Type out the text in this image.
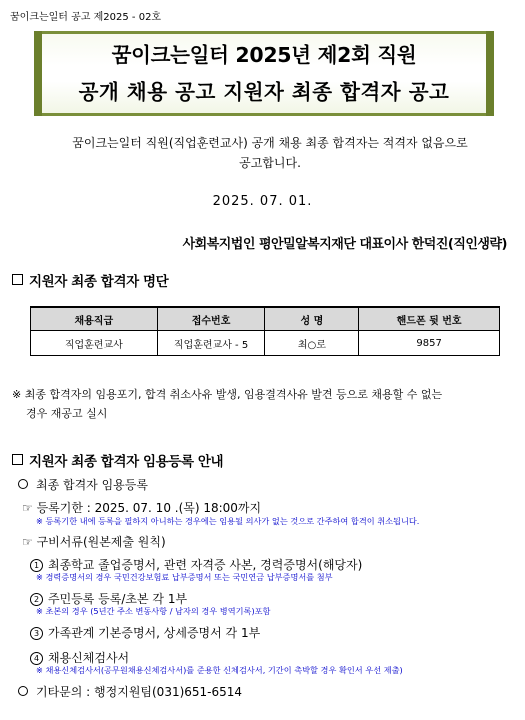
꿈이크는일터 공고 제2025 - 02호
꿈이크는일터 2025년 제2회 직원
공개 채용 공고 지원자 최종 합격자 공고
꿈이크는일터 직원(직업훈련교사) 공개 채용 최종 합격자는 적격자 없음으로
공고합니다.
2025. 07. 01.
사회복지법인 평안밀알복지재단 대표이사 한덕진(직인생략)
지원자 최종 합격자 명단
채용직급	접수번호	성 명	핸드폰 뒷 번호
직업훈련교사	직업훈련교사 - 5	최○로	9857
※ 최종 합격자의 임용포기, 합격 취소사유 발생, 임용결격사유 발견 등으로 채용할 수 없는
경우 재공고 실시
지원자 최종 합격자 임용등록 안내
최종 합격자 임용등록
☞ 등록기한 : 2025. 07. 10 .(목) 18:00까지
※ 등록기한 내에 등록을 필하지 아니하는 경우에는 임용될 의사가 없는 것으로 간주하여 합격이 취소됩니다.
☞ 구비서류(원본제출 원칙)
1 최종학교 졸업증명서, 관련 자격증 사본, 경력증명서(해당자)
※ 경력증명서의 경우 국민건강보험료 납부증명서 또는 국민연금 납부증명서를 첨부
2 주민등록 등록/초본 각 1부
※ 초본의 경우 (5년간 주소 변동사항 / 남자의 경우 병역기록)포함
3 가족관계 기본증명서, 상세증명서 각 1부
4 채용신체검사서
※ 채용신체검사서(공무원채용신체검사서)를 준용한 신체검사서, 기간이 촉박할 경우 확인서 우선 제출)
기타문의 : 행정지원팀(031)651-6514
